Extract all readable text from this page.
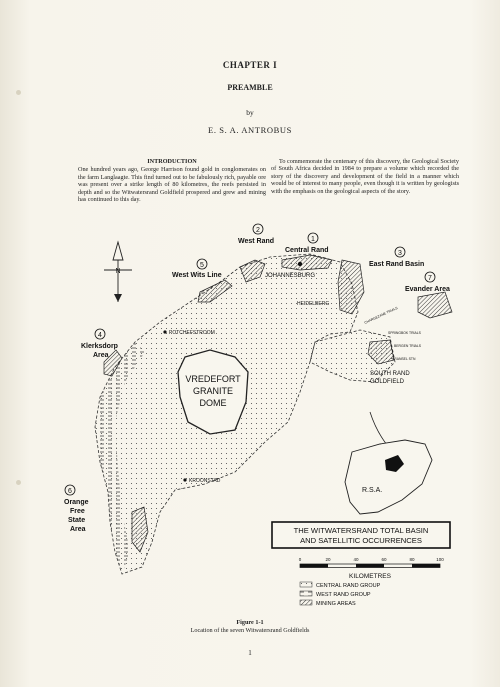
CHAPTER I
PREAMBLE
by
E. S. A. ANTROBUS
INTRODUCTION

One hundred years ago, George Harrison found gold in conglomerates on the farm Langlaagte. This find turned out to be fabulously rich, payable ore was present over a strike length of 80 kilometres, the reefs persisted in depth and so the Witwatersrand Goldfield prospered and grew and mining has continued to this day.

To commemorate the centenary of this discovery, the Geological Society of South Africa decided in 1984 to prepare a volume which recorded the story of the discovery and development of the field in a manner which would be of interest to many people, even though it is written by geologists with the emphasis on the geological aspects of the story.

N
JOHANNESBURG
HEIDELBERG
POTCHEFSTROOM
KROONSTAD
VREDEFORT
GRANITE
DOME
SOUTH RAND
GOLDFIELD
CHARGEZANE TRIALS
SPRINGBOK TRIALS
BERGEN TRIALS
KRANSEL STN
1
Central Rand
2
West Rand
3
East Rand Basin
4
Klerksdorp
Area
5
West Wits Line
6
Orange
Free
State
Area
7
Evander Area
R.S.A.
THE WITWATERSRAND TOTAL BASIN
AND SATELLITIC OCCURRENCES
0	20	40	60	80	100
KILOMETRES
CENTRAL RAND GROUP
WEST RAND GROUP
MINING AREAS
Figure 1-1
Location of the seven Witwatersrand Goldfields
1
